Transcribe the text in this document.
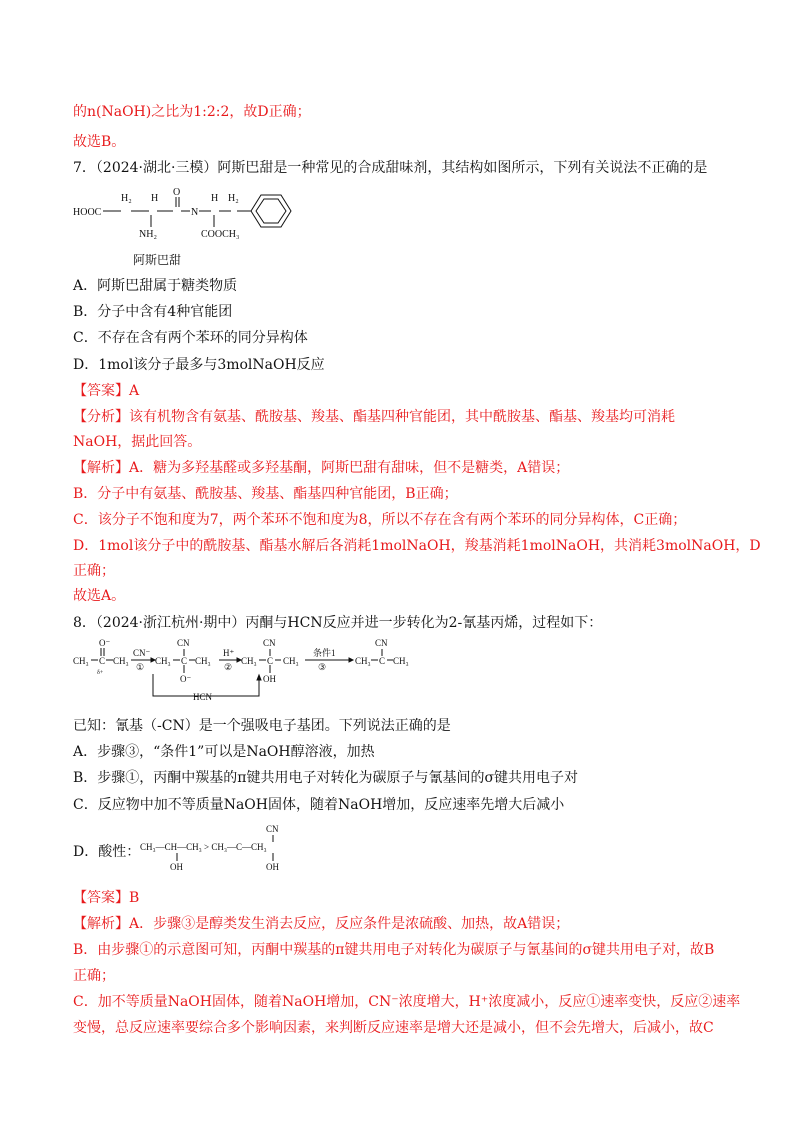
的n(NaOH)之比为1:2:2，故D正确；
故选B。
7．（2024·湖北·三模）阿斯巴甜是一种常见的合成甜味剂，其结构如图所示，下列有关说法不正确的是
HOOC
H₂ H
NH₂
O
N
H
COOCH₃
H₂
阿斯巴甜
A．阿斯巴甜属于糖类物质
B．分子中含有4种官能团
C．不存在含有两个苯环的同分异构体
D．1mol该分子最多与3molNaOH反应
【答案】A
【分析】该有机物含有氨基、酰胺基、羧基、酯基四种官能团，其中酰胺基、酯基、羧基均可消耗
NaOH，据此回答。
【解析】A．糖为多羟基醛或多羟基酮，阿斯巴甜有甜味，但不是糖类，A错误；
B．分子中有氨基、酰胺基、羧基、酯基四种官能团，B正确；
C．该分子不饱和度为7，两个苯环不饱和度为8，所以不存在含有两个苯环的同分异构体，C正确；
D．1mol该分子中的酰胺基、酯基水解后各消耗1molNaOH，羧基消耗1molNaOH，共消耗3molNaOH，D
正确；
故选A。
8．（2024·浙江杭州·期中）丙酮与HCN反应并进一步转化为2-氰基丙烯，过程如下：
CH₃ C
O⁻
δ+
CH₃
CN⁻
①
CH₃ C
CN
O⁻
CH₃
H⁺
②
CH₃ C
CN
OH
CH₃
条件1
③
CH₃ C
CN
CH₃
HCN
已知：氰基（-CN）是一个强吸电子基团。下列说法正确的是
A．步骤③，“条件1”可以是NaOH醇溶液，加热
B．步骤①，丙酮中羰基的π键共用电子对转化为碳原子与氰基间的σ键共用电子对
C．反应物中加不等质量NaOH固体，随着NaOH增加，反应速率先增大后减小
D．酸性： CH₃—CH—CH₃ > CH₃—C—CH₃
OH
CN
OH
【答案】B
【解析】A．步骤③是醇类发生消去反应，反应条件是浓硫酸、加热，故A错误；
B．由步骤①的示意图可知，丙酮中羰基的π键共用电子对转化为碳原子与氰基间的σ键共用电子对，故B
正确；
C．加不等质量NaOH固体，随着NaOH增加，CN⁻浓度增大，H⁺浓度减小，反应①速率变快，反应②速率
变慢，总反应速率要综合多个影响因素，来判断反应速率是增大还是减小，但不会先增大，后减小，故C
